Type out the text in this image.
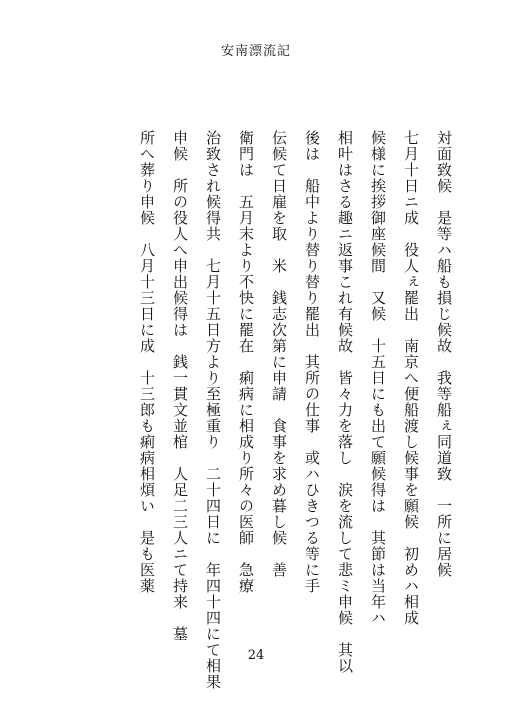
安南漂流記
対面致候　是等ハ船も損じ候故　我等船ぇ同道致　一所に居候
七月十日ニ成　役人ぇ罷出　南京へ便船渡し候事を願候　初めハ相成
候様に挨拶御座候間　又候　十五日にも出て願候得は　其節は当年ハ
相叶はさる趣ニ返事これ有候故　皆々力を落し　涙を流して悲ミ申候　其以
後は　船中より替り替り罷出　其所の仕事　或ハひきつる等に手
伝候て日雇を取　米　銭志次第に申請　食事を求め暮し候　善
衛門は　五月末より不快に罷在　痢病に相成り所々の医師　急療
治致され候得共　七月十五日方より至極重り　二十四日に　年四十四にて相果
申候　所の役人へ申出候得は　銭一貫文並棺　人足二三人ニて持来　墓
所へ葬り申候　八月十三日に成　十三郎も痢病相煩い　是も医薬
24
